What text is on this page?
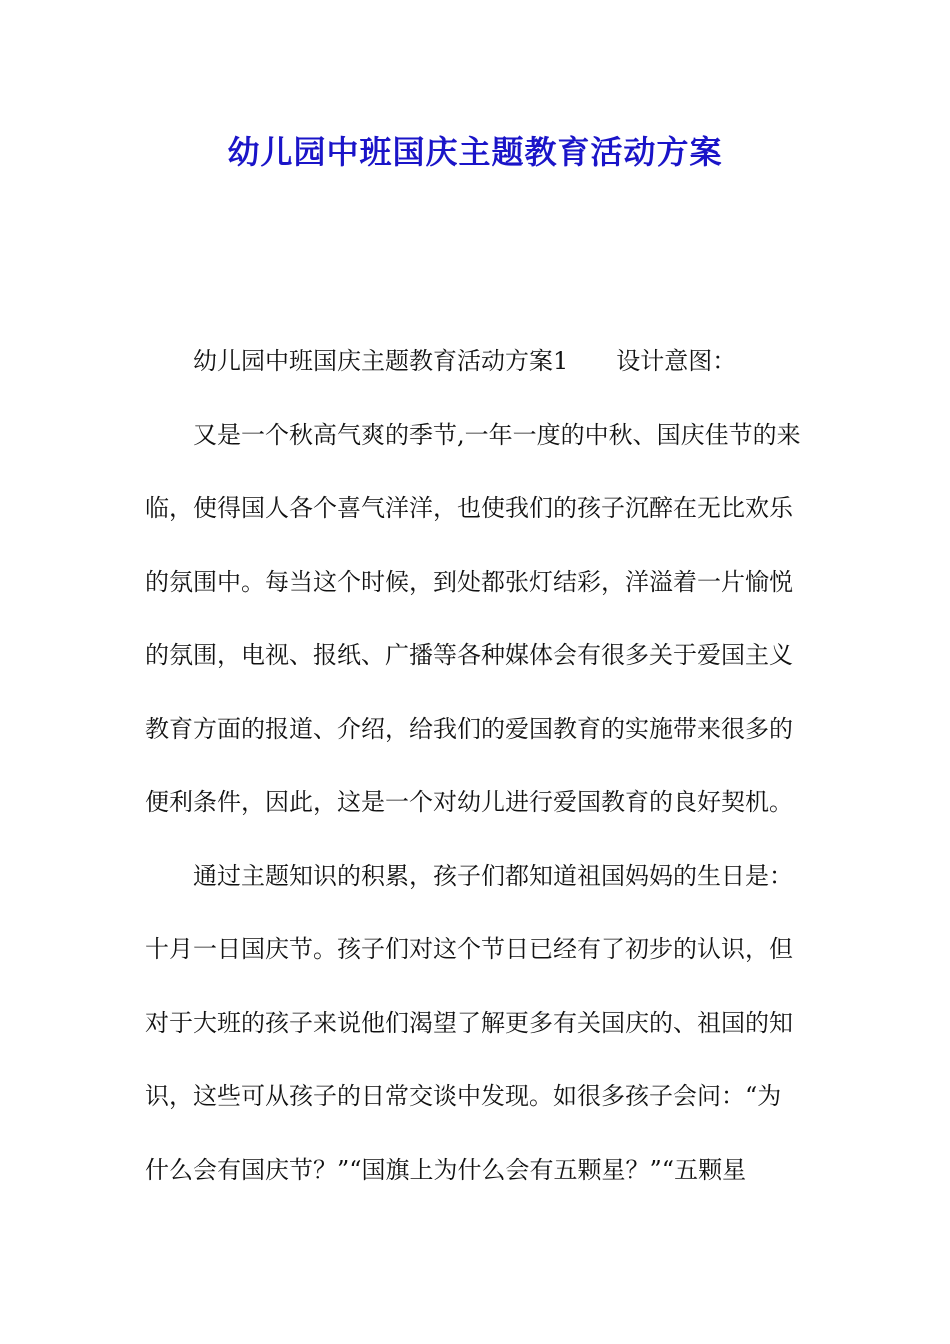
幼儿园中班国庆主题教育活动方案
幼儿园中班国庆主题教育活动方案1 设计意图：
又是一个秋高气爽的季节,一年一度的中秋、国庆佳节的来
临，使得国人各个喜气洋洋，也使我们的孩子沉醉在无比欢乐
的氛围中。每当这个时候，到处都张灯结彩，洋溢着一片愉悦
的氛围，电视、报纸、广播等各种媒体会有很多关于爱国主义
教育方面的报道、介绍，给我们的爱国教育的实施带来很多的
便利条件，因此，这是一个对幼儿进行爱国教育的良好契机。
通过主题知识的积累，孩子们都知道祖国妈妈的生日是：
十月一日国庆节。孩子们对这个节日已经有了初步的认识，但
对于大班的孩子来说他们渴望了解更多有关国庆的、祖国的知
识，这些可从孩子的日常交谈中发现。如很多孩子会问：“为
什么会有国庆节？”“国旗上为什么会有五颗星？”“五颗星
